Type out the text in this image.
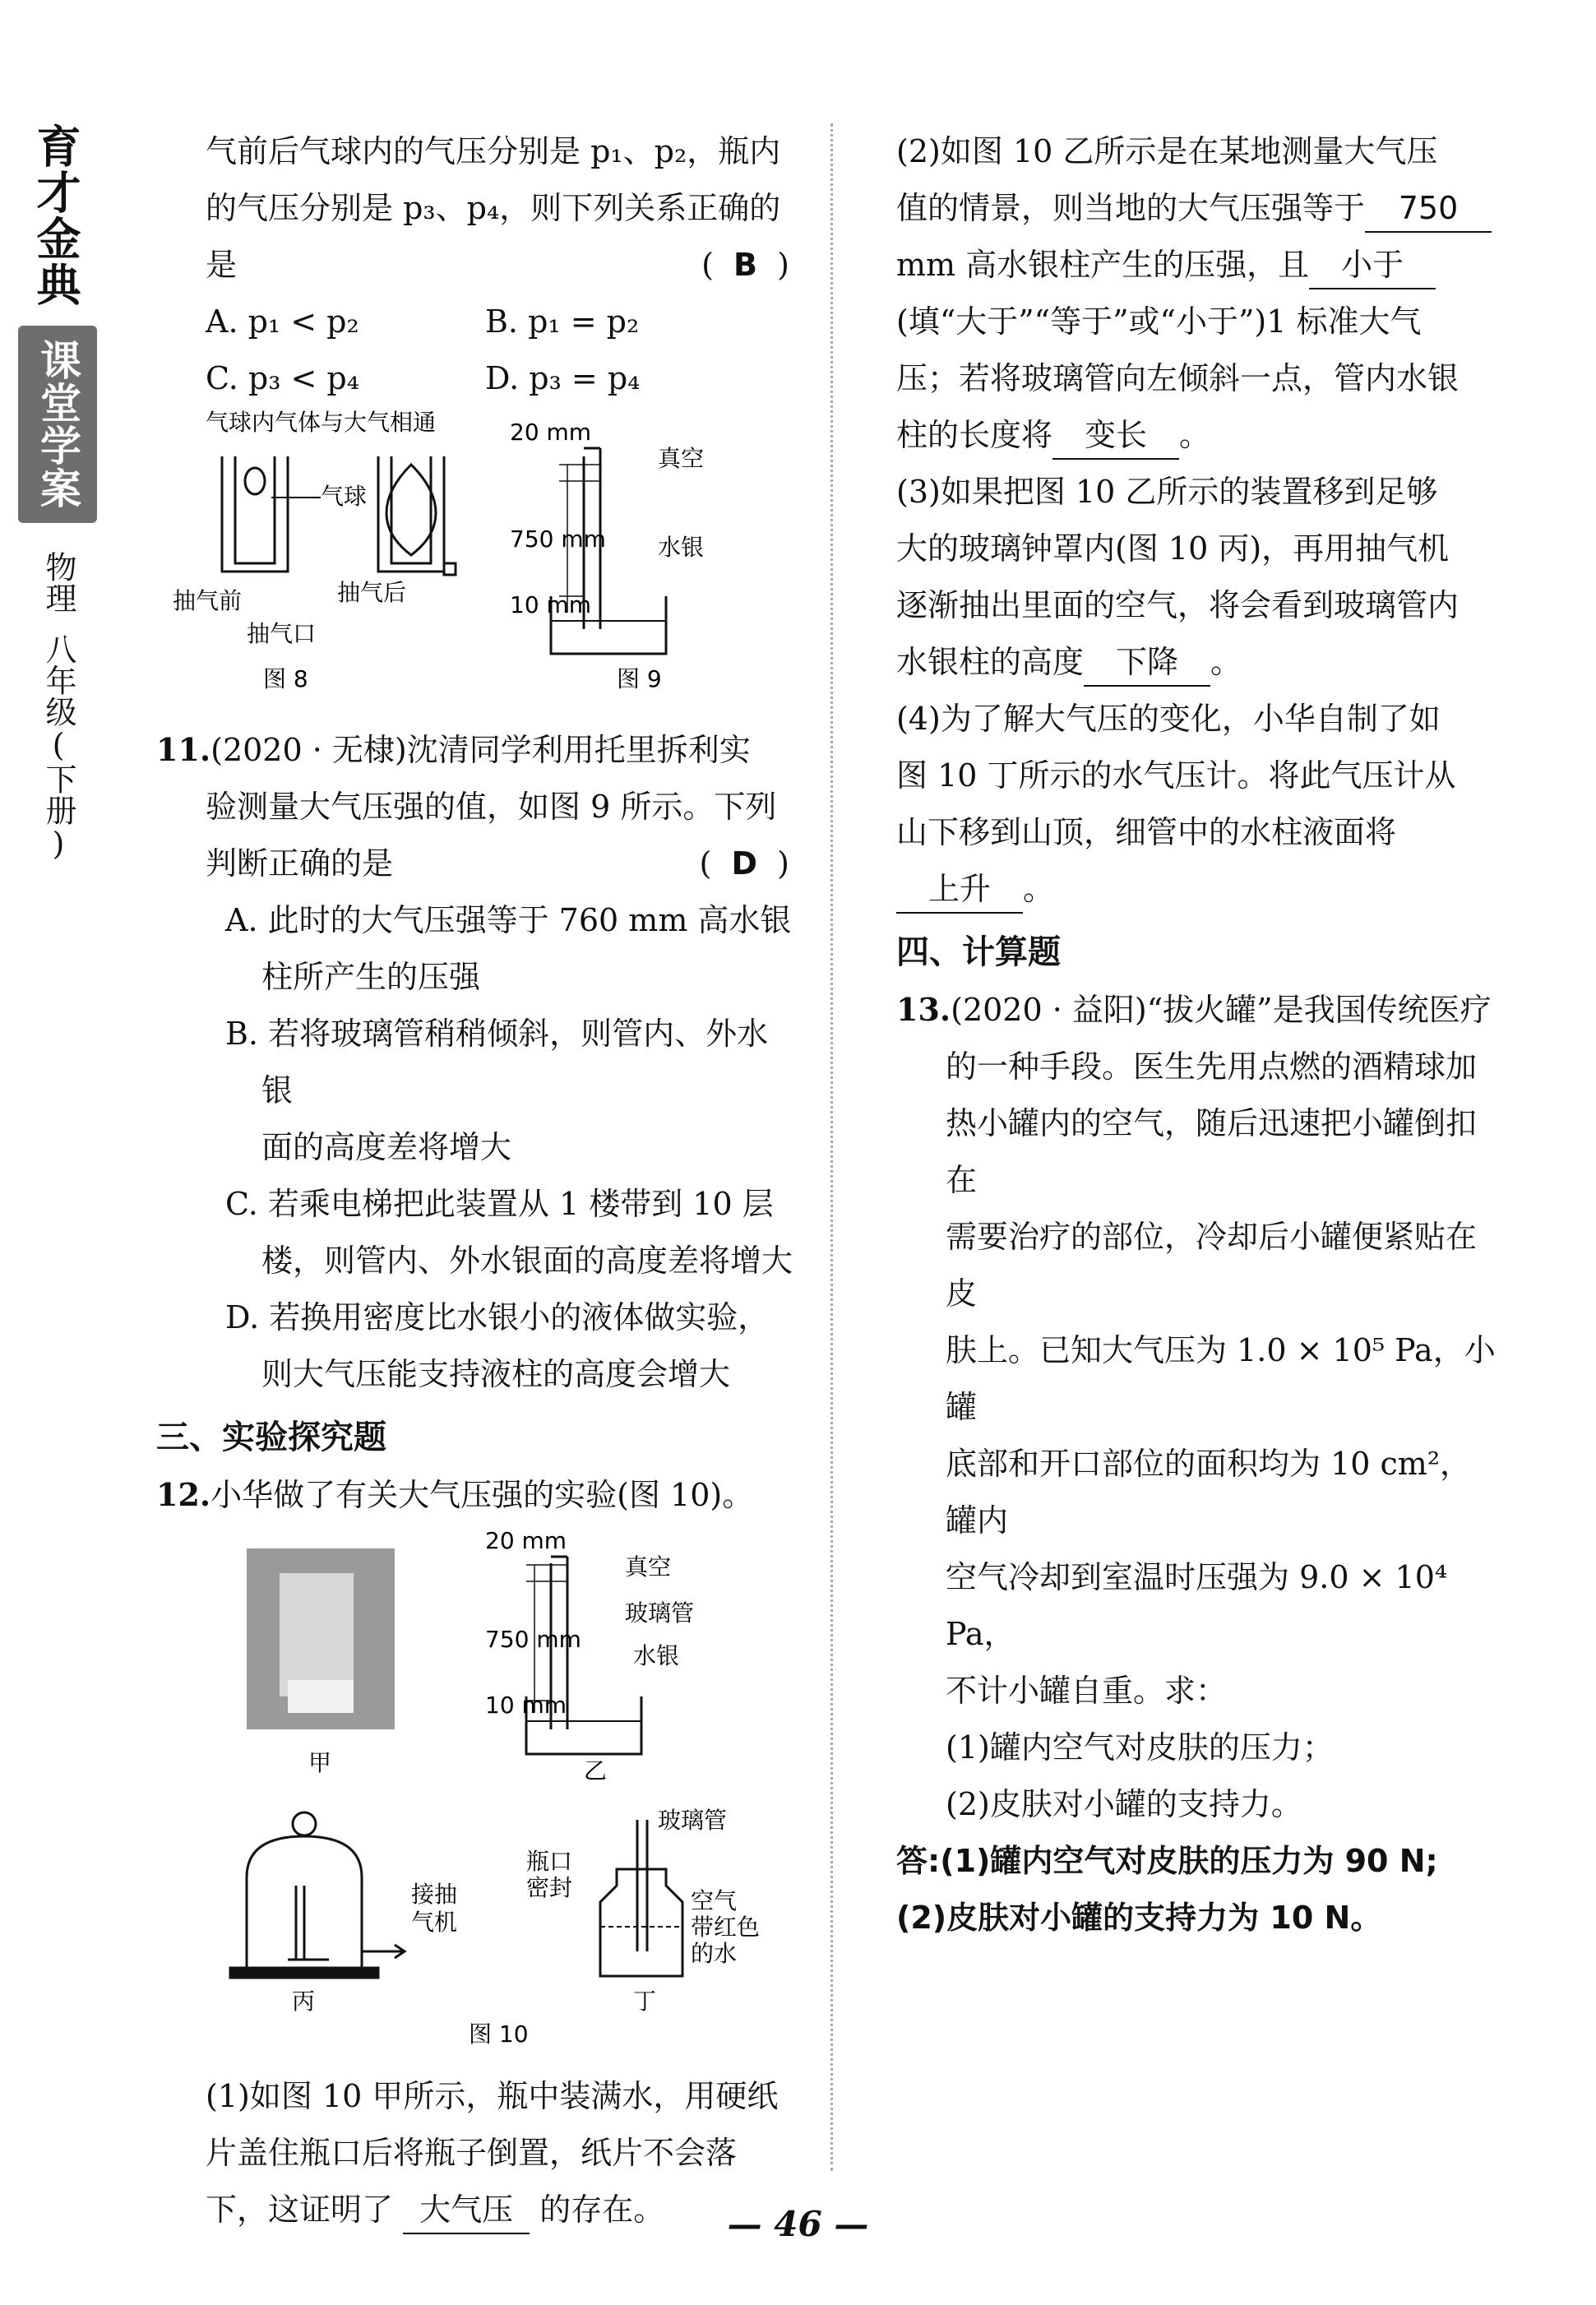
育才金典
课堂学案
物理
八年级(下册)

气前后气球内的气压分别是 p₁、p₂，瓶内

的气压分别是 p₃、p₄，则下列关系正确的

是	(  B  )

A. p₁ < p₂	B. p₁ = p₂
C. p₃ < p₄	D. p₃ = p₄
气球内气体与大气相通
气球
抽气前	抽气后
抽气口
图 8
20 mm
真空
750 mm 水银
10 mm
图 9

11.(2020 · 无棣)沈清同学利用托里拆利实

验测量大气压强的值，如图 9 所示。下列

判断正确的是	(  D  )

A. 此时的大气压强等于 760 mm 高水银
柱所产生的压强

B. 若将玻璃管稍稍倾斜，则管内、外水银
面的高度差将增大

C. 若乘电梯把此装置从 1 楼带到 10 层
楼，则管内、外水银面的高度差将增大

D. 若换用密度比水银小的液体做实验，
则大气压能支持液柱的高度会增大

三、实验探究题

12.小华做了有关大气压强的实验(图 10)。

甲
20 mm
真空
玻璃管
750 mm
水银
10 mm
乙
接抽
气机
丙
玻璃管
瓶口
密封	空气
带红色
的水
丁
图 10

(1)如图 10 甲所示，瓶中装满水，用硬纸

片盖住瓶口后将瓶子倒置，纸片不会落

下，这证明了 大气压 的存在。

(2)如图 10 乙所示是在某地测量大气压

值的情景，则当地的大气压强等于 750

mm 高水银柱产生的压强，且 小于

(填“大于”“等于”或“小于”)1 标准大气

压；若将玻璃管向左倾斜一点，管内水银

柱的长度将 变长 。

(3)如果把图 10 乙所示的装置移到足够

大的玻璃钟罩内(图 10 丙)，再用抽气机

逐渐抽出里面的空气，将会看到玻璃管内

水银柱的高度 下降 。

(4)为了解大气压的变化，小华自制了如

图 10 丁所示的水气压计。将此气压计从

山下移到山顶，细管中的水柱液面将

上升 。

四、计算题

13.(2020 · 益阳)“拔火罐”是我国传统医疗

的一种手段。医生先用点燃的酒精球加

热小罐内的空气，随后迅速把小罐倒扣在

需要治疗的部位，冷却后小罐便紧贴在皮

肤上。已知大气压为 1.0 × 10⁵ Pa，小罐

底部和开口部位的面积均为 10 cm²，罐内

空气冷却到室温时压强为 9.0 × 10⁴ Pa，

不计小罐自重。求：

(1)罐内空气对皮肤的压力；

(2)皮肤对小罐的支持力。

答:(1)罐内空气对皮肤的压力为 90 N;

(2)皮肤对小罐的支持力为 10 N。

— 46 —
